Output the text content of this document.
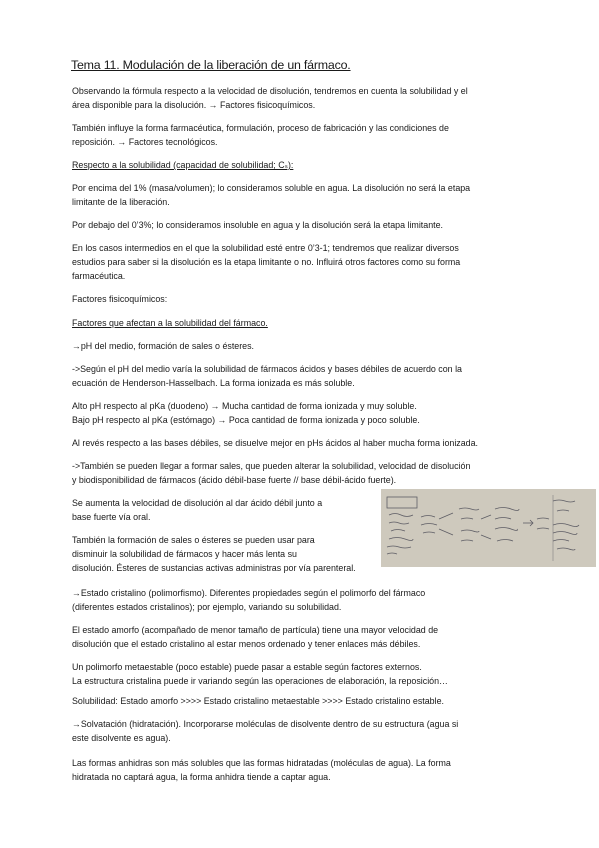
Tema 11. Modulación de la liberación de un fármaco.
Observando la fórmula respecto a la velocidad de disolución, tendremos en cuenta la solubilidad y el
área disponible para la disolución. → Factores fisicoquímicos.
También influye la forma farmacéutica, formulación, proceso de fabricación y las condiciones de
reposición. → Factores tecnológicos.
Respecto a la solubilidad (capacidad de solubilidad; Cₛ):
Por encima del 1% (masa/volumen); lo consideramos soluble en agua. La disolución no será la etapa
limitante de la liberación.
Por debajo del 0’3%; lo consideramos insoluble en agua y la disolución será la etapa limitante.
En los casos intermedios en el que la solubilidad esté entre 0’3-1; tendremos que realizar diversos
estudios para saber si la disolución es la etapa limitante o no. Influirá otros factores como su forma
farmacéutica.
Factores fisicoquímicos:
Factores que afectan a la solubilidad del fármaco.
→pH del medio, formación de sales o ésteres.
->Según el pH del medio varía la solubilidad de fármacos ácidos y bases débiles de acuerdo con la
ecuación de Henderson-Hasselbach. La forma ionizada es más soluble.
Alto pH respecto al pKa (duodeno) → Mucha cantidad de forma ionizada y muy soluble.
Bajo pH respecto al pKa (estómago) → Poca cantidad de forma ionizada y poco soluble.
Al revés respecto a las bases débiles, se disuelve mejor en pHs ácidos al haber mucha forma ionizada.
->También se pueden llegar a formar sales, que pueden alterar la solubilidad, velocidad de disolución
y biodisponibilidad de fármacos (ácido débil-base fuerte // base débil-ácido fuerte).
Se aumenta la velocidad de disolución al dar ácido débil junto a
base fuerte vía oral.
También la formación de sales o ésteres se pueden usar para
disminuir la solubilidad de fármacos y hacer más lenta su
disolución. Ésteres de sustancias activas administras por vía parenteral.
→Estado cristalino (polimorfismo). Diferentes propiedades según el polimorfo del fármaco
(diferentes estados cristalinos); por ejemplo, variando su solubilidad.
El estado amorfo (acompañado de menor tamaño de partícula) tiene una mayor velocidad de
disolución que el estado cristalino al estar menos ordenado y tener enlaces más débiles.
Un polimorfo metaestable (poco estable) puede pasar a estable según factores externos.
La estructura cristalina puede ir variando según las operaciones de elaboración, la reposición…
Solubilidad: Estado amorfo >>>> Estado cristalino metaestable >>>> Estado cristalino estable.
→Solvatación (hidratación). Incorporarse moléculas de disolvente dentro de su estructura (agua si
este disolvente es agua).
Las formas anhidras son más solubles que las formas hidratadas (moléculas de agua). La forma
hidratada no captará agua, la forma anhidra tiende a captar agua.
